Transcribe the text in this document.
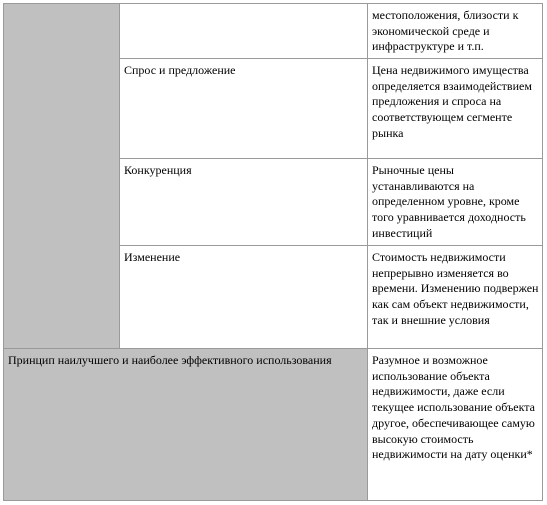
местоположения, близости к экономической среде и инфраструктуре и т.п.
Спрос и предложение	Цена недвижимого имущества определяется взаимодействием предложения и спроса на соответствующем сегменте рынка
Конкуренция	Рыночные цены устанавливаются на определенном уровне, кроме того уравнивается доходность инвестиций
Изменение	Стоимость недвижимости непрерывно изменяется во времени. Изменению подвержен как сам объект недвижимости, так и внешние условия
Принцип наилучшего и наиболее эффективного использования	Разумное и возможное использование объекта недвижимости, даже если текущее использование объекта другое, обеспечивающее самую высокую стоимость недвижимости на дату оценки*
